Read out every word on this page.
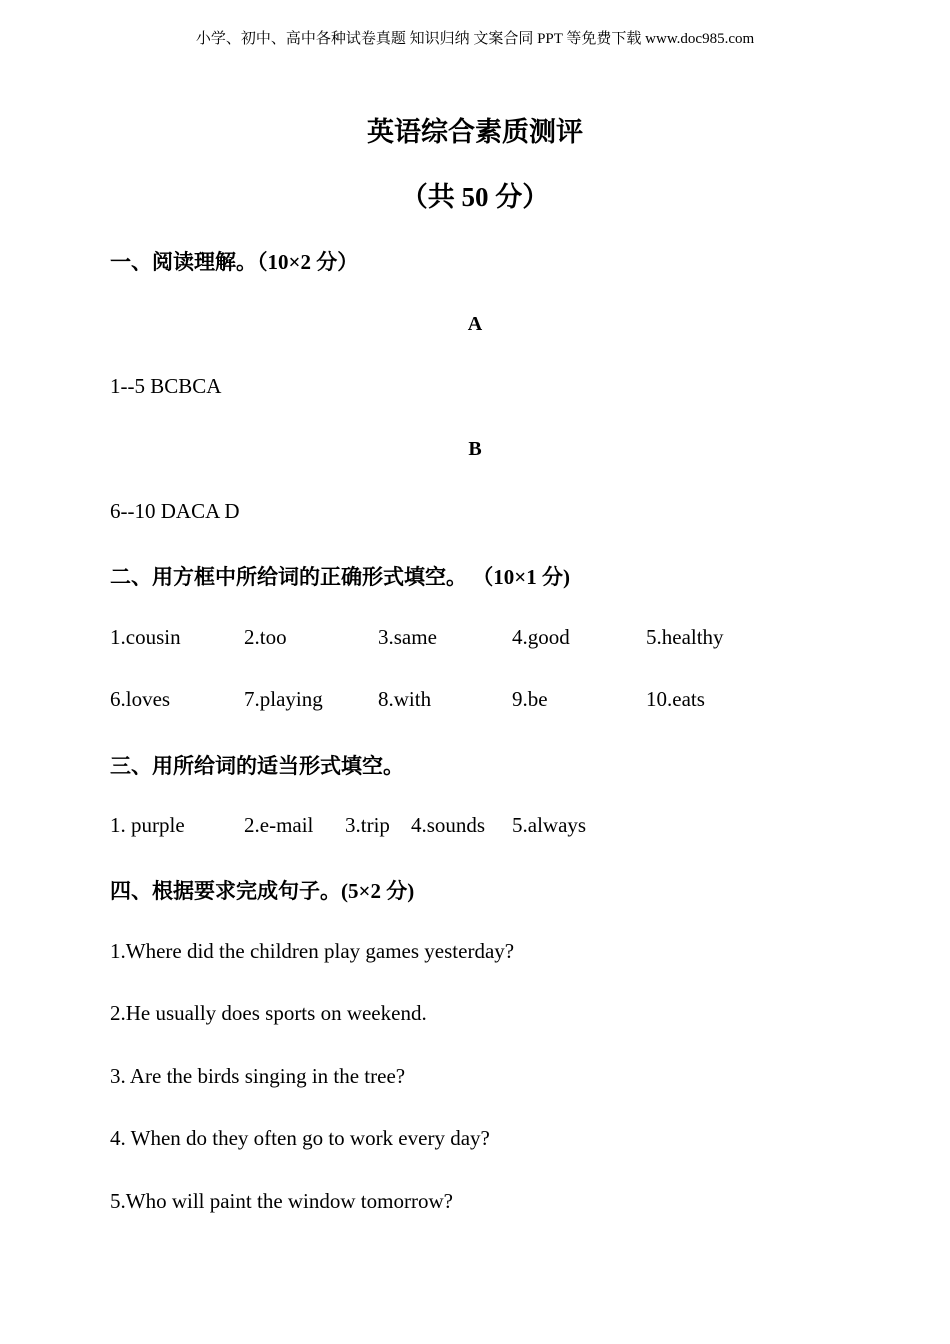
小学、初中、高中各种试卷真题 知识归纳 文案合同 PPT 等免费下载 www.doc985.com
英语综合素质测评
（共 50 分）
一、阅读理解。（10×2 分）
A
1--5 BCBCA
B
6--10 DACA D
二、用方框中所给词的正确形式填空。 （10×1 分)
1.cousin	2.too	3.same	4.good	5.healthy
6.loves	7.playing	8.with	9.be	10.eats
三、用所给词的适当形式填空。
1. purple	2.e-mail 3.trip 4.sounds 5.always
四、根据要求完成句子。(5×2 分)
1.Where did the children play games yesterday?
2.He usually does sports on weekend.
3. Are the birds singing in the tree?
4. When do they often go to work every day?
5.Who will paint the window tomorrow?
